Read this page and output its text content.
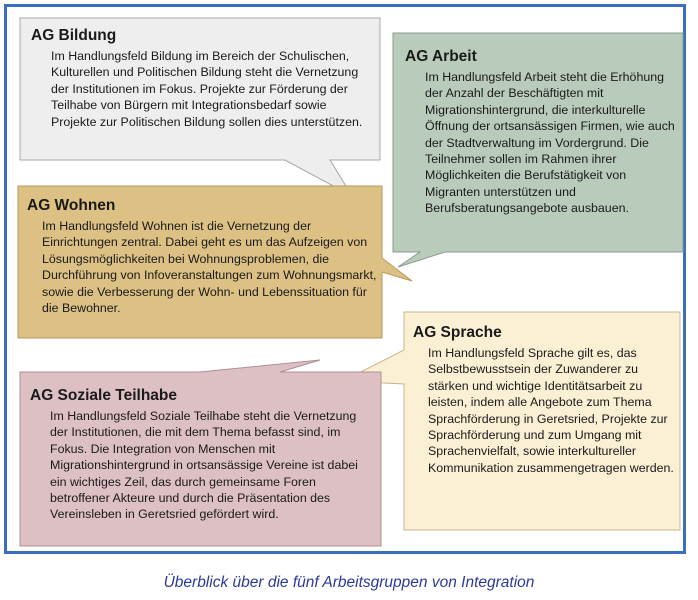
AG Bildung

Im Handlungsfeld Bildung im Bereich der Schulischen, Kulturellen und Politischen Bildung steht die Vernetzung der Institutionen im Fokus. Projekte zur Förderung der Teilhabe von Bürgern mit Integrationsbedarf sowie Projekte zur Politischen Bildung sollen dies unterstützen.

AG Arbeit

Im Handlungsfeld Arbeit steht die Erhöhung der Anzahl der Beschäftigten mit Migrationshintergrund, die interkulturelle Öffnung der ortsansässigen Firmen, wie auch der Stadtverwaltung im Vordergrund. Die Teilnehmer sollen im Rahmen ihrer Möglichkeiten die Berufstätigkeit von Migranten unterstützen und Berufsberatungsangebote ausbauen.

AG Wohnen

Im Handlungsfeld Wohnen ist die Vernetzung der Einrichtungen zentral. Dabei geht es um das Aufzeigen von Lösungsmöglichkeiten bei Wohnungsproblemen, die Durchführung von Infoveranstaltungen zum Wohnungsmarkt, sowie die Verbesserung der Wohn- und Lebenssituation für die Bewohner.

AG Sprache

Im Handlungsfeld Sprache gilt es, das Selbstbewusstsein der Zuwanderer zu stärken und wichtige Identitätsarbeit zu leisten, indem alle Angebote zum Thema Sprachförderung in Geretsried, Projekte zur Sprachförderung und zum Umgang mit Sprachenvielfalt, sowie interkultureller Kommunikation zusammengetragen werden.

AG Soziale Teilhabe

Im Handlungsfeld Soziale Teilhabe steht die Vernetzung der Institutionen, die mit dem Thema befasst sind, im Fokus. Die Integration von Menschen mit Migrationshintergrund in ortsansässige Vereine ist dabei ein wichtiges Zeil, das durch gemeinsame Foren betroffener Akteure und durch die Präsentation des Vereinsleben in Geretsried gefördert wird.

Überblick über die fünf Arbeitsgruppen von Integration
